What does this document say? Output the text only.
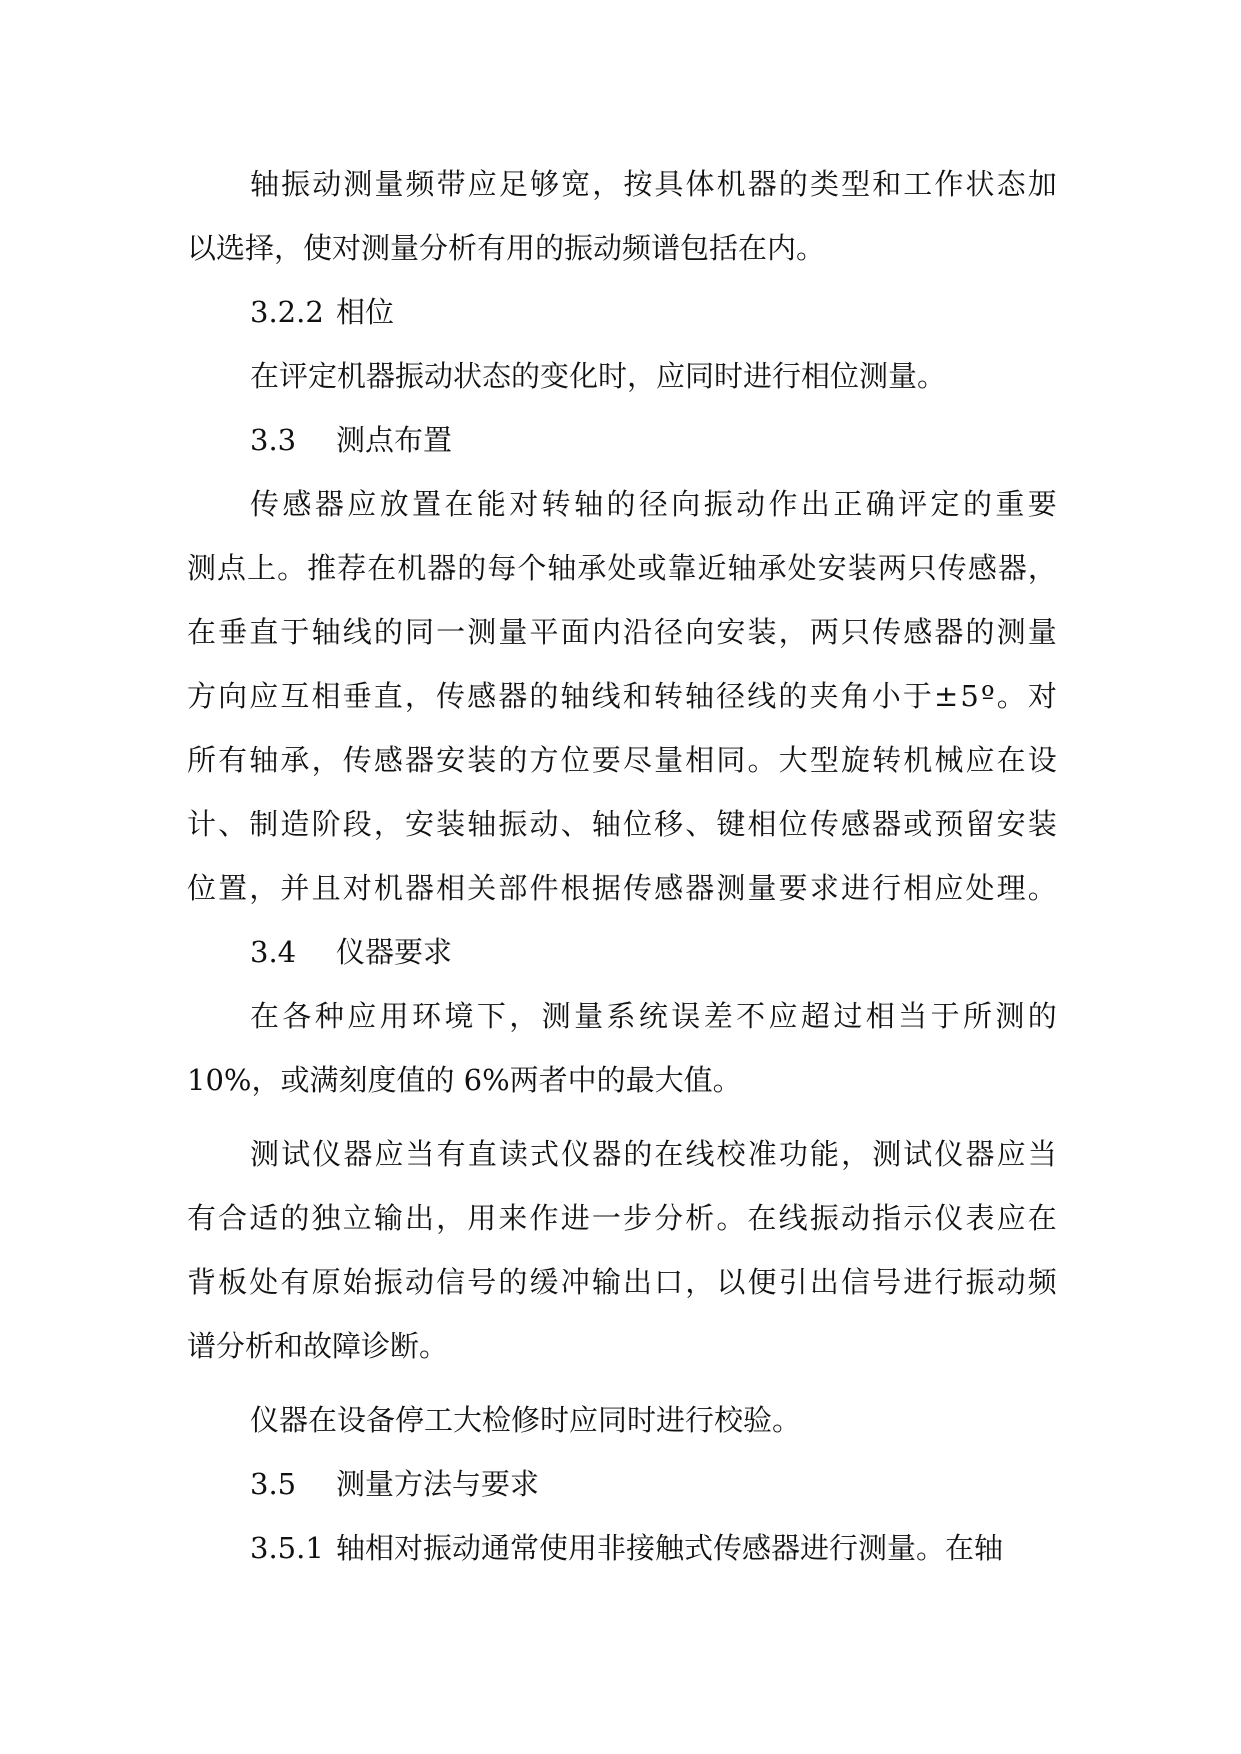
轴 振 动 测 量 频 带 应 足 够 宽 ， 按 具 体 机 器 的 类 型 和 工 作 状 态 加
以选择，使对测量分析有用的振动频谱包括在内。
3.2.2 相位
在评定机器振动状态的变化时，应同时进行相位测量。
3.3 测点布置
传 感 器 应 放 置 在 能 对 转 轴 的 径 向 振 动 作 出 正 确 评 定 的 重 要
测 点 上 。 推 荐 在 机 器 的 每 个 轴 承 处 或 靠 近 轴 承 处 安 装 两 只 传 感 器 ，
在 垂 直 于 轴 线 的 同 一 测 量 平 面 内 沿 径 向 安 装 ， 两 只 传 感 器 的 测 量
方 向 应 互 相 垂 直 ， 传 感 器 的 轴 线 和 转 轴 径 线 的 夹 角 小 于 ± 5 º 。 对
所 有 轴 承 ， 传 感 器 安 装 的 方 位 要 尽 量 相 同 。 大 型 旋 转 机 械 应 在 设
计 、 制 造 阶 段 ， 安 装 轴 振 动 、 轴 位 移 、 键 相 位 传 感 器 或 预 留 安 装
位 置 ， 并 且 对 机 器 相 关 部 件 根 据 传 感 器 测 量 要 求 进 行 相 应 处 理 。
3.4 仪器要求
在 各 种 应 用 环 境 下 ， 测 量 系 统 误 差 不 应 超 过 相 当 于 所 测 的
10%，或满刻度值的 6%两者中的最大值。
测 试 仪 器 应 当 有 直 读 式 仪 器 的 在 线 校 准 功 能 ， 测 试 仪 器 应 当
有 合 适 的 独 立 输 出 ， 用 来 作 进 一 步 分 析 。 在 线 振 动 指 示 仪 表 应 在
背 板 处 有 原 始 振 动 信 号 的 缓 冲 输 出 口 ， 以 便 引 出 信 号 进 行 振 动 频
谱分析和故障诊断。
仪器在设备停工大检修时应同时进行校验。
3.5 测量方法与要求
3.5.1 轴相对振动通常使用非接触式传感器进行测量。在轴
